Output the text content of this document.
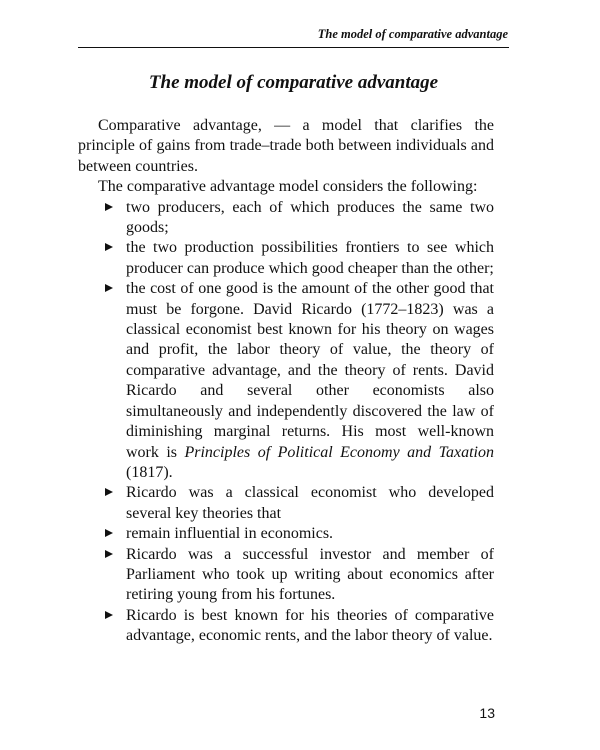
The model of comparative advantage
The model of comparative advantage

Comparative advantage, — a model that clarifies the principle of gains from trade–trade both between individuals and between countries.

The comparative advantage model considers the following:

two producers, each of which produces the same two goods;
the two production possibilities frontiers to see which producer can produce which good cheaper than the other;
the cost of one good is the amount of the other good that must be forgone. David Ricardo (1772–1823) was a classical economist best known for his theory on wages and profit, the labor theory of value, the theory of comparative advantage, and the theory of rents. David Ricardo and several other economists also simultaneously and independently discovered the law of diminishing marginal returns. His most well-known work is Principles of Political Economy and Taxation (1817).
Ricardo was a classical economist who developed several key theories that
remain influential in economics.
Ricardo was a successful investor and member of Parliament who took up writing about economics after retiring young from his fortunes.
Ricardo is best known for his theories of comparative advantage, economic rents, and the labor theory of value.
13
